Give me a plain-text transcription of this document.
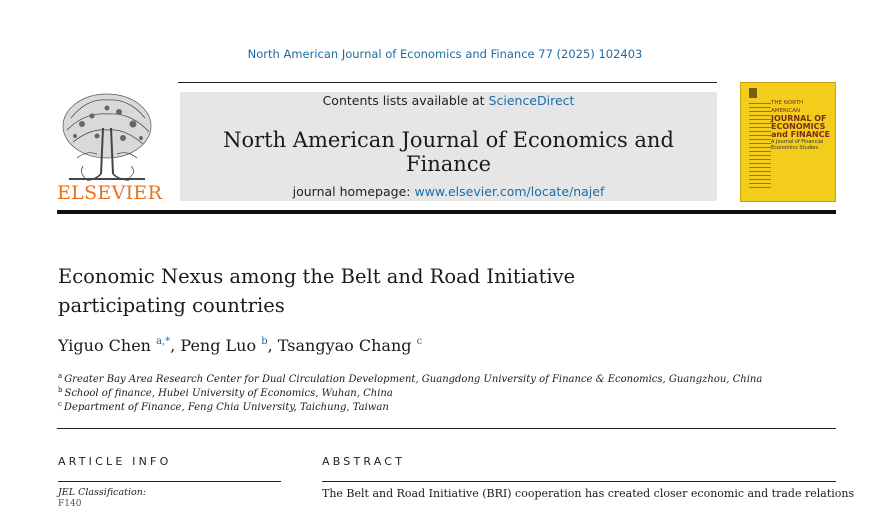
North American Journal of Economics and Finance 77 (2025) 102403
ELSEVIER
Contents lists available at ScienceDirect
North American Journal of Economics and Finance
journal homepage: www.elsevier.com/locate/najef
THE NORTH AMERICAN
JOURNAL OF ECONOMICS and FINANCE
A Journal of Financial Economics Studies
Economic Nexus among the Belt and Road Initiative participating countries
Yiguo Chen $^{a,*}$, Peng Luo $^b$, Tsangyao Chang $^c$
$^a$ Greater Bay Area Research Center for Dual Circulation Development, Guangdong University of Finance & Economics, Guangzhou, China
$^b$ School of finance, Hubei University of Economics, Wuhan, China
$^c$ Department of Finance, Feng Chia University, Taichung, Taiwan
ARTICLE INFO	ABSTRACT
JEL Classification:
F140
The Belt and Road Initiative (BRI) cooperation has created closer economic and trade relations
